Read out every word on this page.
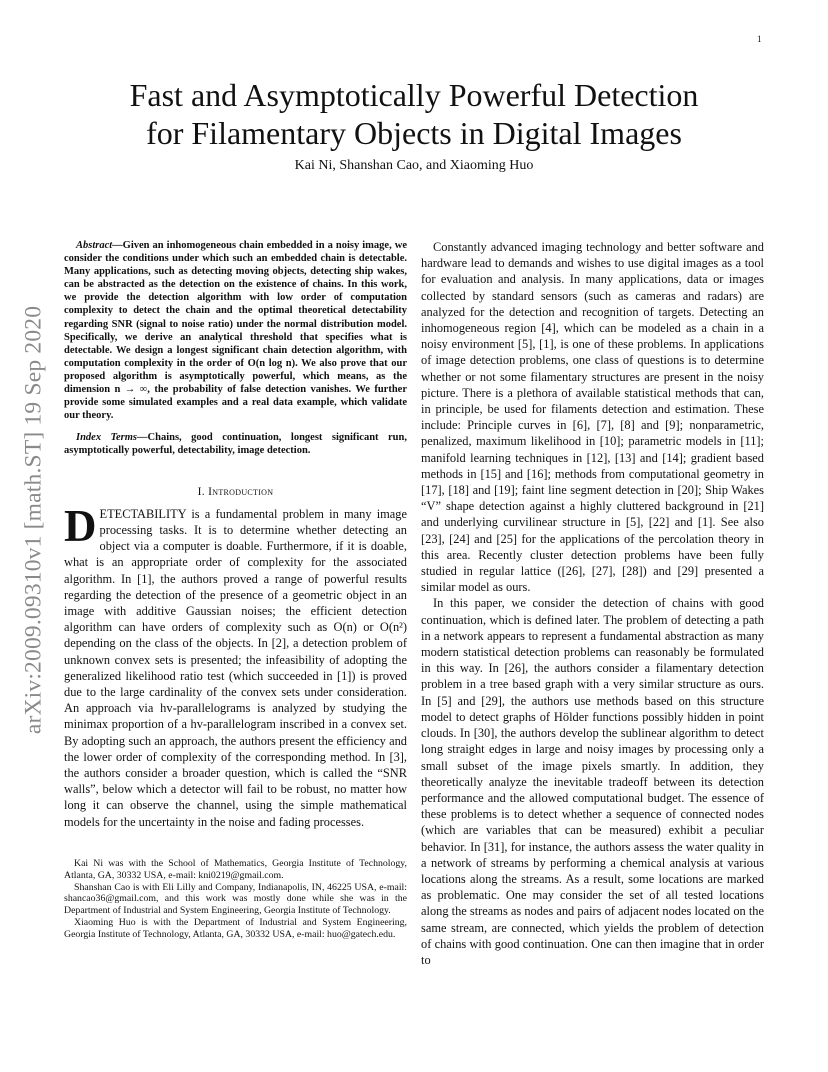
1
arXiv:2009.09310v1 [math.ST] 19 Sep 2020
Fast and Asymptotically Powerful Detection
for Filamentary Objects in Digital Images
Kai Ni, Shanshan Cao, and Xiaoming Huo

Abstract—Given an inhomogeneous chain embedded in a noisy image, we consider the conditions under which such an embedded chain is detectable. Many applications, such as detecting moving objects, detecting ship wakes, can be abstracted as the detection on the existence of chains. In this work, we provide the detection algorithm with low order of computation complexity to detect the chain and the optimal theoretical detectability regarding SNR (signal to noise ratio) under the normal distribution model. Specifically, we derive an analytical threshold that specifies what is detectable. We design a longest significant chain detection algorithm, with computation complexity in the order of O(n log n). We also prove that our proposed algorithm is asymptotically powerful, which means, as the dimension n → ∞, the probability of false detection vanishes. We further provide some simulated examples and a real data example, which validate our theory.

Index Terms—Chains, good continuation, longest significant run, asymptotically powerful, detectability, image detection.

I. Introduction

DETECTABILITY is a fundamental problem in many image processing tasks. It is to determine whether detecting an object via a computer is doable. Furthermore, if it is doable, what is an appropriate order of complexity for the associated algorithm. In [1], the authors proved a range of powerful results regarding the detection of the presence of a geometric object in an image with additive Gaussian noises; the efficient detection algorithm can have orders of complexity such as O(n) or O(n²) depending on the class of the objects. In [2], a detection problem of unknown convex sets is presented; the infeasibility of adopting the generalized likelihood ratio test (which succeeded in [1]) is proved due to the large cardinality of the convex sets under consideration. An approach via hv-parallelograms is analyzed by studying the minimax proportion of a hv-parallelogram inscribed in a convex set. By adopting such an approach, the authors present the efficiency and the lower order of complexity of the corresponding method. In [3], the authors consider a broader question, which is called the “SNR walls”, below which a detector will fail to be robust, no matter how long it can observe the channel, using the simple mathematical models for the uncertainty in the noise and fading processes.

Kai Ni was with the School of Mathematics, Georgia Institute of Technology, Atlanta, GA, 30332 USA, e-mail: kni0219@gmail.com.

Shanshan Cao is with Eli Lilly and Company, Indianapolis, IN, 46225 USA, e-mail: shancao36@gmail.com, and this work was mostly done while she was in the Department of Industrial and System Engineering, Georgia Institute of Technology.

Xiaoming Huo is with the Department of Industrial and System Engineering, Georgia Institute of Technology, Atlanta, GA, 30332 USA, e-mail: huo@gatech.edu.

Constantly advanced imaging technology and better software and hardware lead to demands and wishes to use digital images as a tool for evaluation and analysis. In many applications, data or images collected by standard sensors (such as cameras and radars) are analyzed for the detection and recognition of targets. Detecting an inhomogeneous region [4], which can be modeled as a chain in a noisy environment [5], [1], is one of these problems. In applications of image detection problems, one class of questions is to determine whether or not some filamentary structures are present in the noisy picture. There is a plethora of available statistical methods that can, in principle, be used for filaments detection and estimation. These include: Principle curves in [6], [7], [8] and [9]; nonparametric, penalized, maximum likelihood in [10]; parametric models in [11]; manifold learning techniques in [12], [13] and [14]; gradient based methods in [15] and [16]; methods from computational geometry in [17], [18] and [19]; faint line segment detection in [20]; Ship Wakes “V” shape detection against a highly cluttered background in [21] and underlying curvilinear structure in [5], [22] and [1]. See also [23], [24] and [25] for the applications of the percolation theory in this area. Recently cluster detection problems have been fully studied in regular lattice ([26], [27], [28]) and [29] presented a similar model as ours.

In this paper, we consider the detection of chains with good continuation, which is defined later. The problem of detecting a path in a network appears to represent a fundamental abstraction as many modern statistical detection problems can reasonably be formulated in this way. In [26], the authors consider a filamentary detection problem in a tree based graph with a very similar structure as ours. In [5] and [29], the authors use methods based on this structure model to detect graphs of Hölder functions possibly hidden in point clouds. In [30], the authors develop the sublinear algorithm to detect long straight edges in large and noisy images by processing only a small subset of the image pixels smartly. In addition, they theoretically analyze the inevitable tradeoff between its detection performance and the allowed computational budget. The essence of these problems is to detect whether a sequence of connected nodes (which are variables that can be measured) exhibit a peculiar behavior. In [31], for instance, the authors assess the water quality in a network of streams by performing a chemical analysis at various locations along the streams. As a result, some locations are marked as problematic. One may consider the set of all tested locations along the streams as nodes and pairs of adjacent nodes located on the same stream, are connected, which yields the problem of detection of chains with good continuation. One can then imagine that in order to
